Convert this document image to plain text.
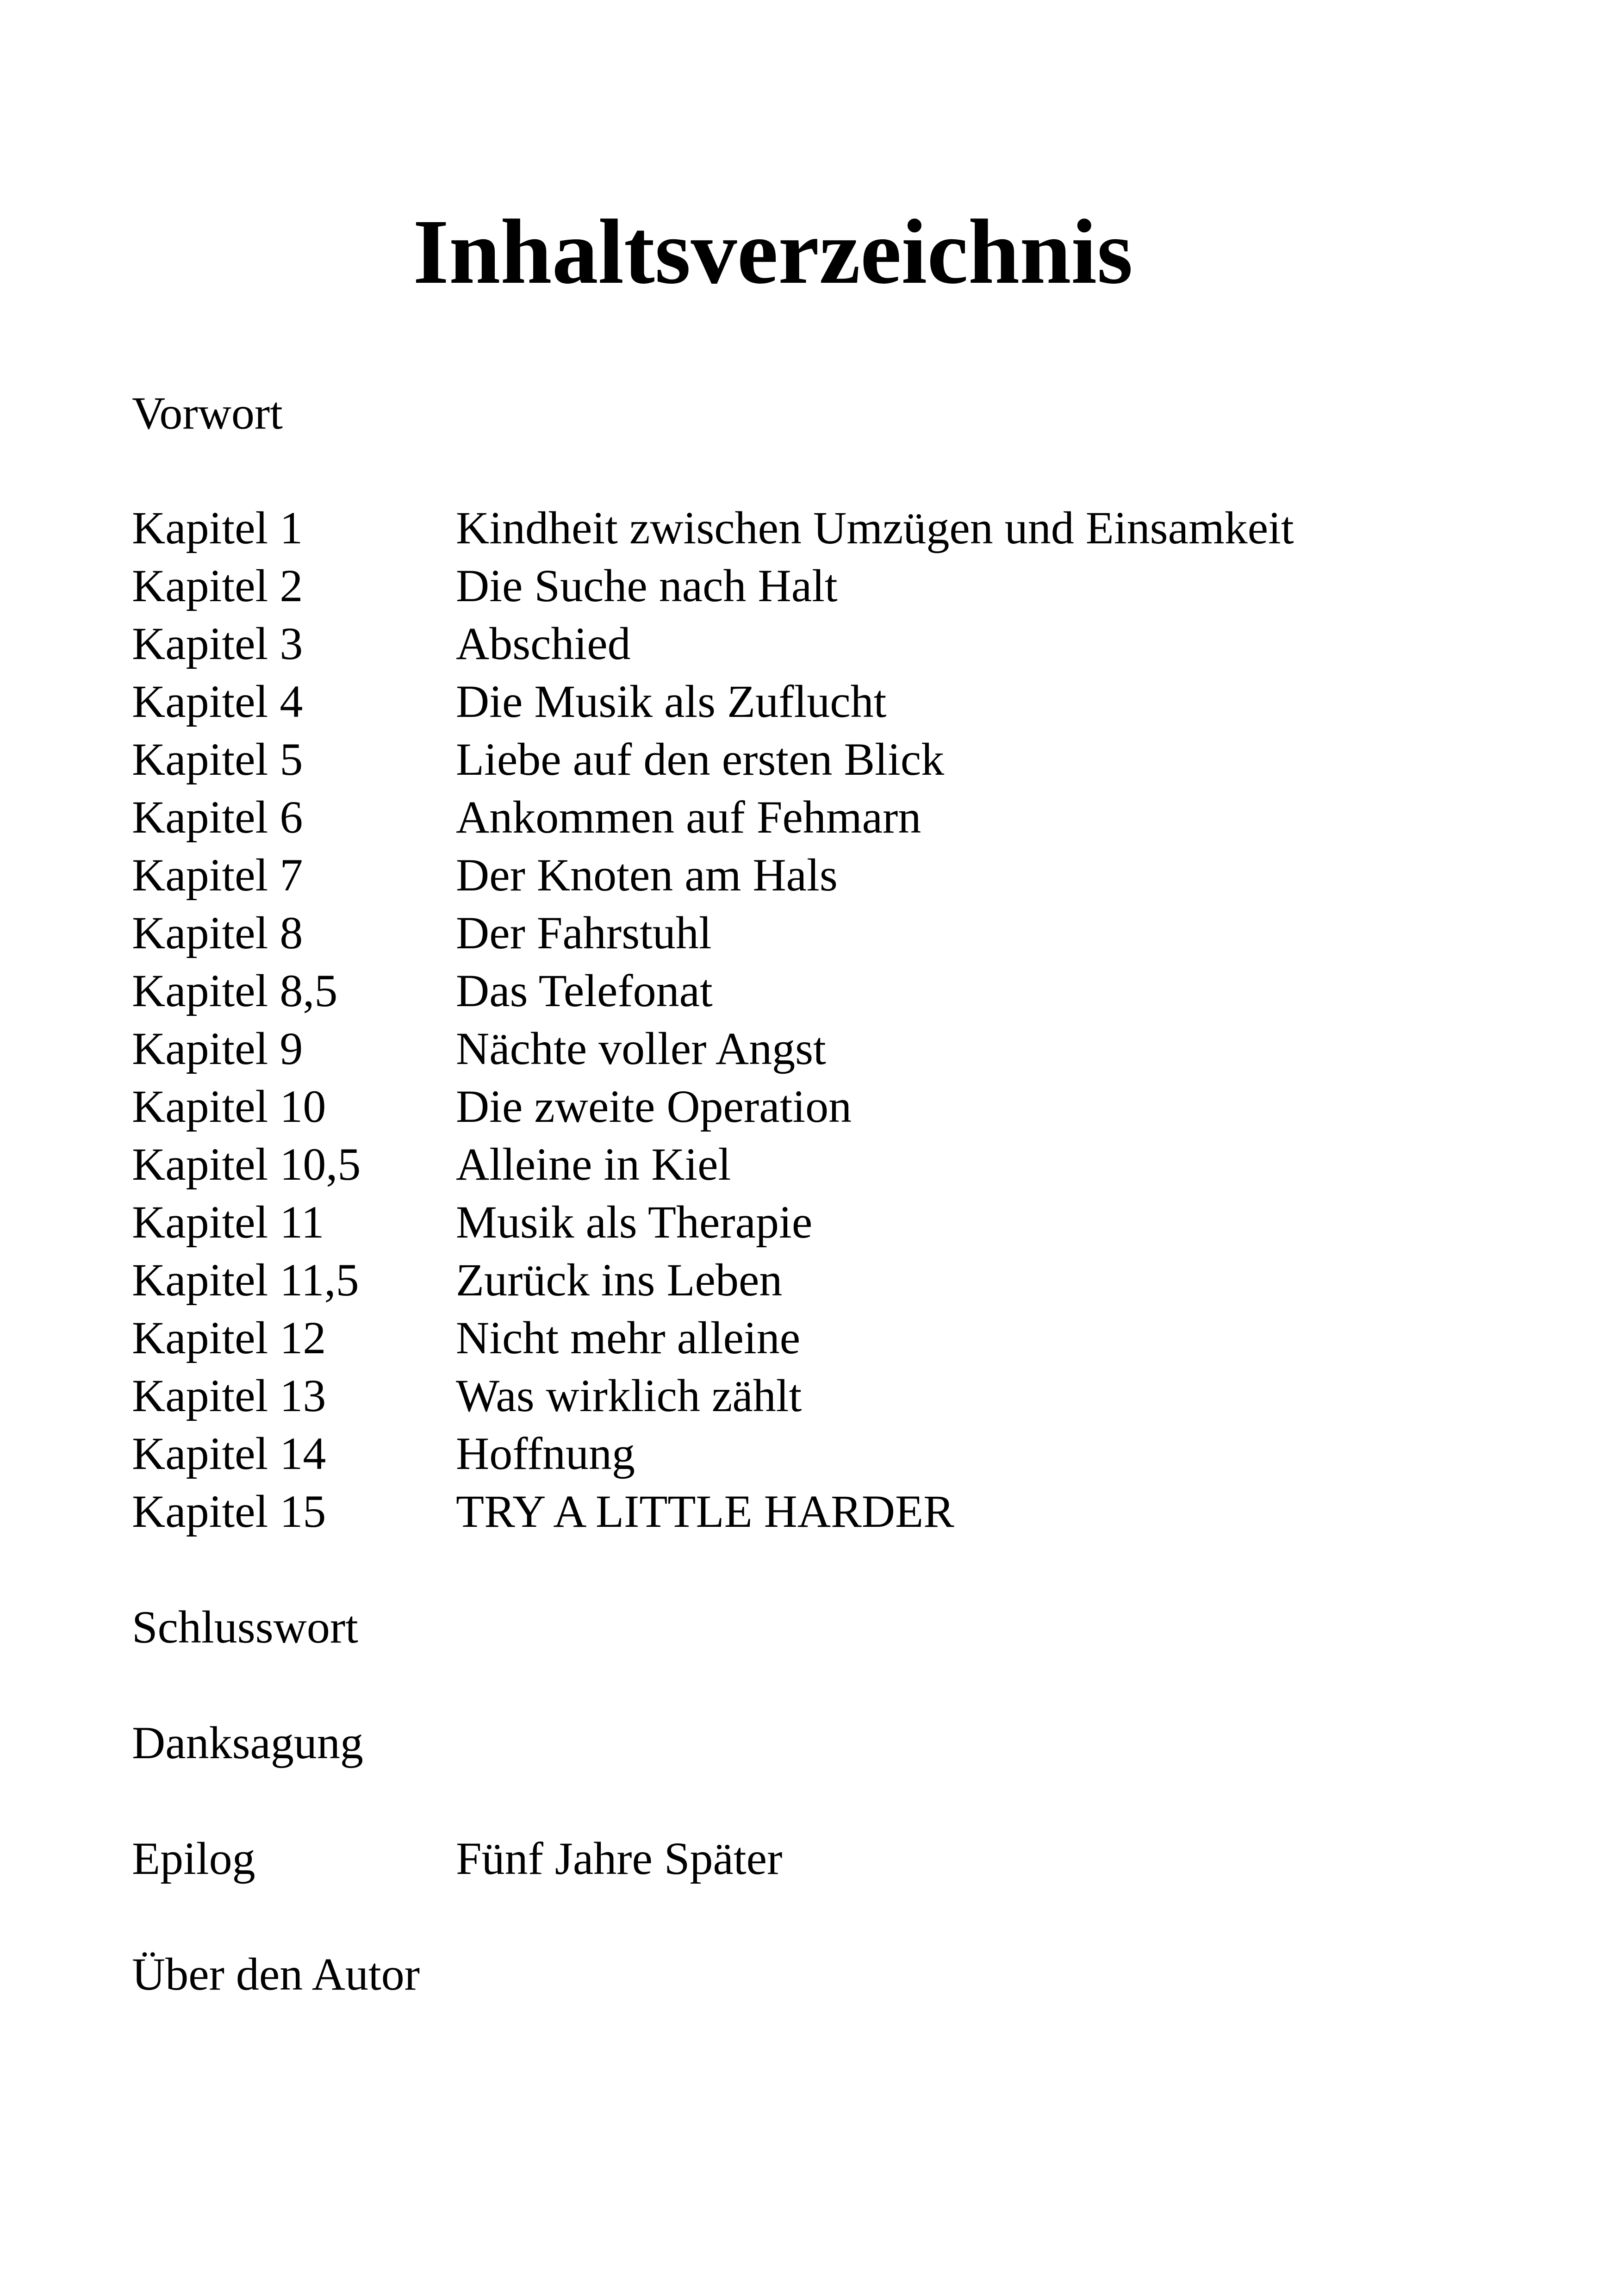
Inhaltsverzeichnis
Vorwort
Kapitel 1	Kindheit zwischen Umzügen und Einsamkeit
Kapitel 2	Die Suche nach Halt
Kapitel 3	Abschied
Kapitel 4	Die Musik als Zuflucht
Kapitel 5	Liebe auf den ersten Blick
Kapitel 6	Ankommen auf Fehmarn
Kapitel 7	Der Knoten am Hals
Kapitel 8	Der Fahrstuhl
Kapitel 8,5	Das Telefonat
Kapitel 9	Nächte voller Angst
Kapitel 10	Die zweite Operation
Kapitel 10,5 Alleine in Kiel
Kapitel 11	Musik als Therapie
Kapitel 11,5 Zurück ins Leben
Kapitel 12	Nicht mehr alleine
Kapitel 13	Was wirklich zählt
Kapitel 14	Hoffnung
Kapitel 15	TRY A LITTLE HARDER
Schlusswort
Danksagung
Epilog	Fünf Jahre Später
Über den Autor
